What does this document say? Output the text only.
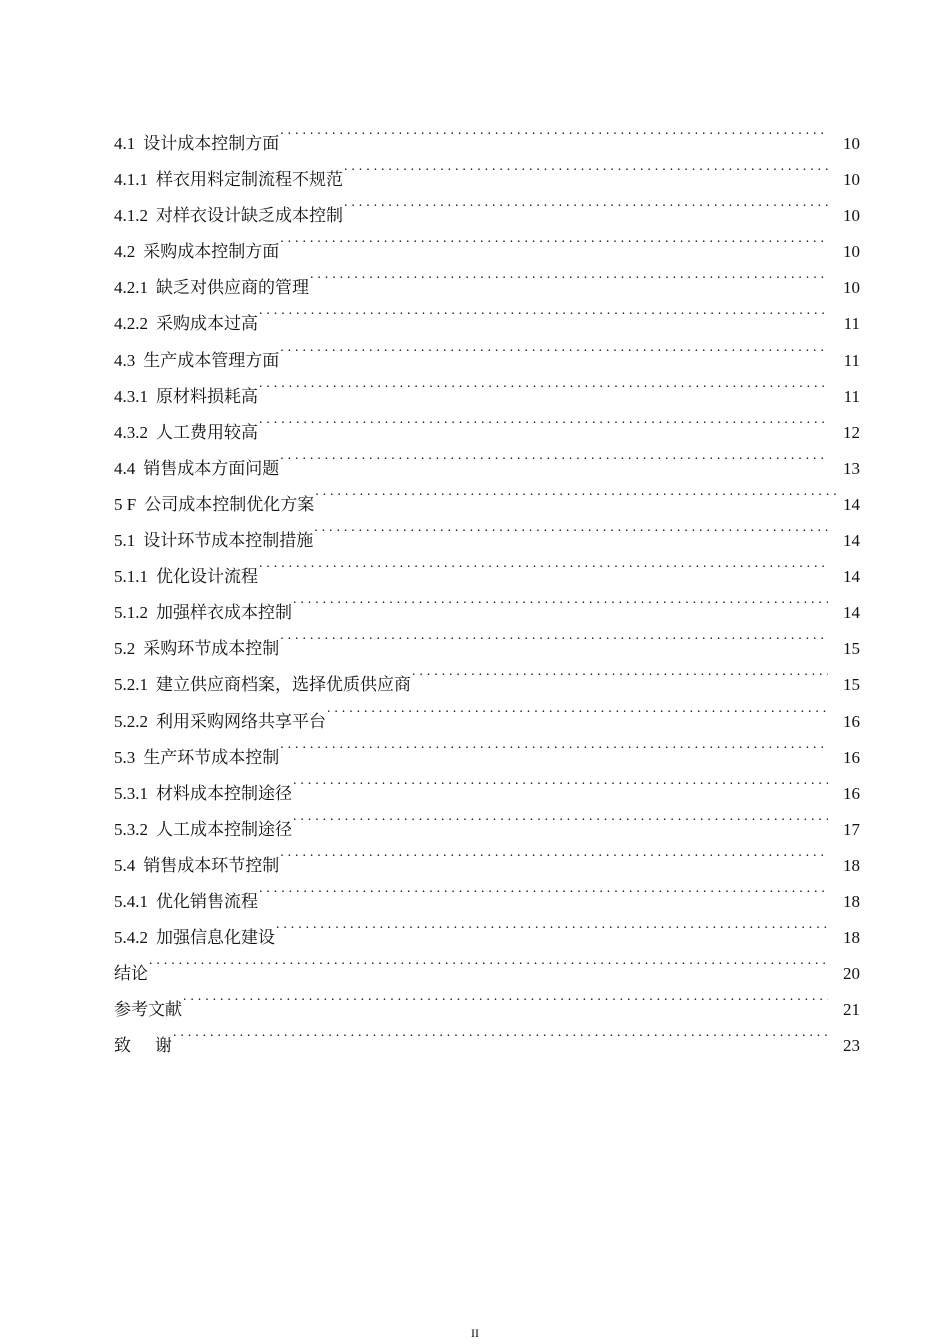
4.1 设计成本控制方面 . . .	10
4.1.1 样衣用料定制流程不规范 . . .	10
4.1.2 对样衣设计缺乏成本控制 . . .	10
4.2 采购成本控制方面 . . .	10
4.2.1 缺乏对供应商的管理 . . .	10
4.2.2 采购成本过高 . . .	11
4.3 生产成本管理方面 . . .	11
4.3.1 原材料损耗高 . . .	11
4.3.2 人工费用较高 . . .	12
4.4 销售成本方面问题 . . .	13
5 F 公司成本控制优化方案 . . .	14
5.1 设计环节成本控制措施 . . .	14
5.1.1 优化设计流程 . . .	14
5.1.2 加强样衣成本控制 . . .	14
5.2 采购环节成本控制 . . .	15
5.2.1 建立供应商档案，选择优质供应商 . . .	15
5.2.2 利用采购网络共享平台 . . .	16
5.3 生产环节成本控制 . . .	16
5.3.1 材料成本控制途径 . . .	16
5.3.2 人工成本控制途径 . . .	17
5.4 销售成本环节控制 . . .	18
5.4.1 优化销售流程 . . .	18
5.4.2 加强信息化建设 . . .	18
结论 . . .	20
参考文献 . . .	21
致 谢 . . .	23
II
